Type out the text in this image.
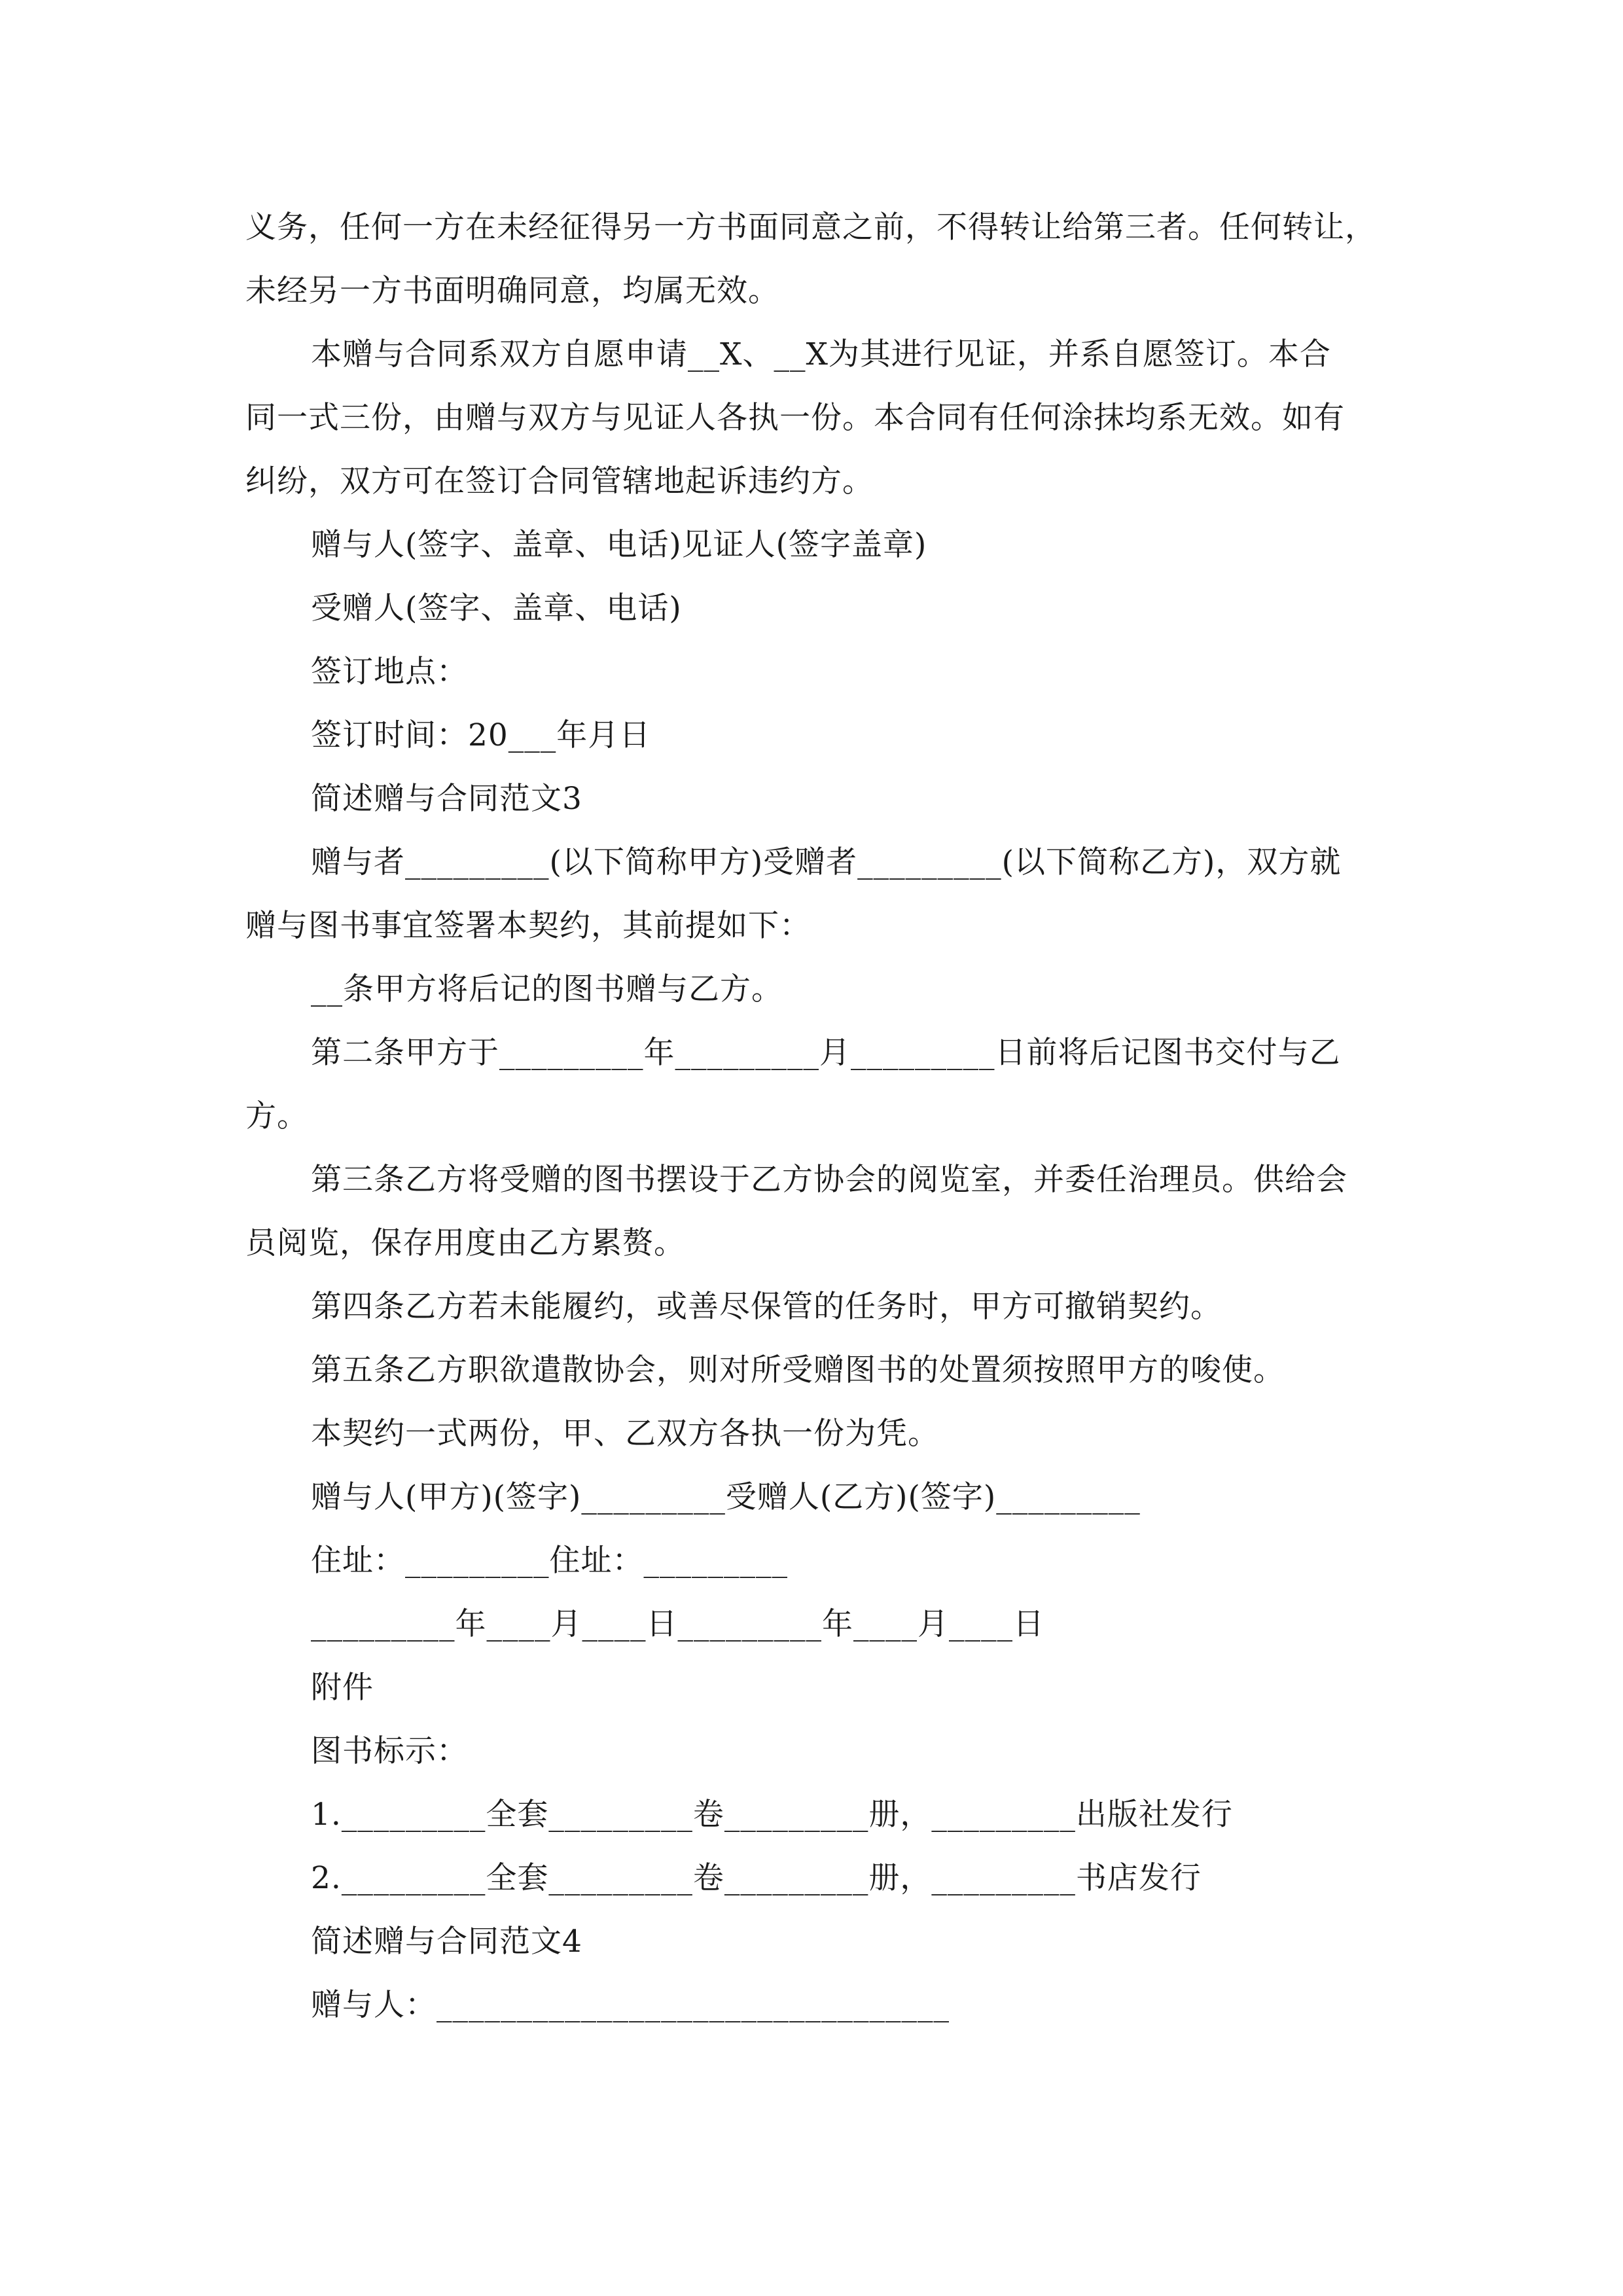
义务，任何一方在未经征得另一方书面同意之前，不得转让给第三者。任何转让，
未经另一方书面明确同意，均属无效。
本赠与合同系双方自愿申请__X、__X为其进行见证，并系自愿签订。本合
同一式三份，由赠与双方与见证人各执一份。本合同有任何涂抹均系无效。如有
纠纷，双方可在签订合同管辖地起诉违约方。
赠与人(签字、盖章、电话)见证人(签字盖章)
受赠人(签字、盖章、电话)
签订地点：
签订时间：20___年月日
简述赠与合同范文3
赠与者_________(以下简称甲方)受赠者_________(以下简称乙方)，双方就
赠与图书事宜签署本契约，其前提如下：
__条甲方将后记的图书赠与乙方。
第二条甲方于_________年_________月_________日前将后记图书交付与乙
方。
第三条乙方将受赠的图书摆设于乙方协会的阅览室，并委任治理员。供给会
员阅览，保存用度由乙方累赘。
第四条乙方若未能履约，或善尽保管的任务时，甲方可撤销契约。
第五条乙方职欲遣散协会，则对所受赠图书的处置须按照甲方的唆使。
本契约一式两份，甲、乙双方各执一份为凭。
赠与人(甲方)(签字)_________受赠人(乙方)(签字)_________
住址：_________住址：_________
_________年____月____日_________年____月____日
附件
图书标示：
1._________全套_________卷_________册，_________出版社发行
2._________全套_________卷_________册，_________书店发行
简述赠与合同范文4
赠与人：________________________________
